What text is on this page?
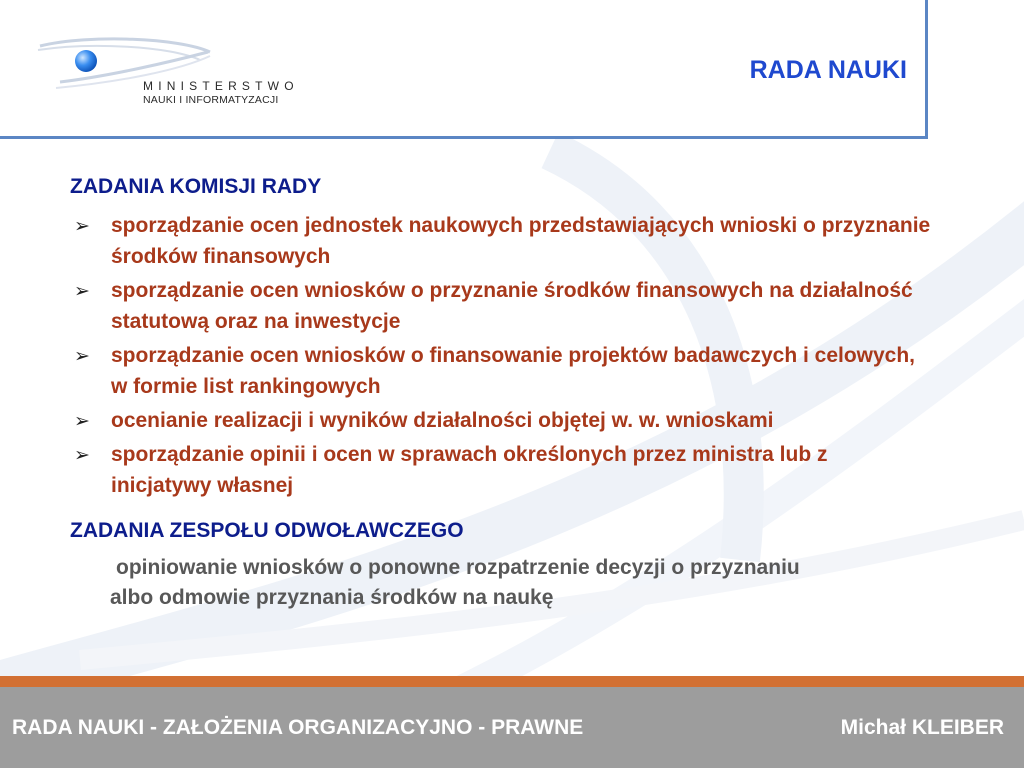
MINISTERSTWO
NAUKI I INFORMATYZACJI
RADA NAUKI
ZADANIA KOMISJI RADY
➢ sporządzanie ocen jednostek naukowych przedstawiających wnioski o przyznanie środków finansowych
➢ sporządzanie ocen wniosków o przyznanie środków finansowych na działalność statutową oraz na inwestycje
➢ sporządzanie ocen wniosków o finansowanie projektów badawczych i celowych, w formie list rankingowych
➢ ocenianie realizacji i wyników działalności objętej w. w. wnioskami
➢ sporządzanie opinii i ocen w sprawach określonych przez ministra lub z inicjatywy własnej
ZADANIA ZESPOŁU ODWOŁAWCZEGO
opiniowanie wniosków o ponowne rozpatrzenie decyzji o przyznaniu albo odmowie przyznania środków na naukę
RADA NAUKI - ZAŁOŻENIA ORGANIZACYJNO - PRAWNE	Michał KLEIBER
